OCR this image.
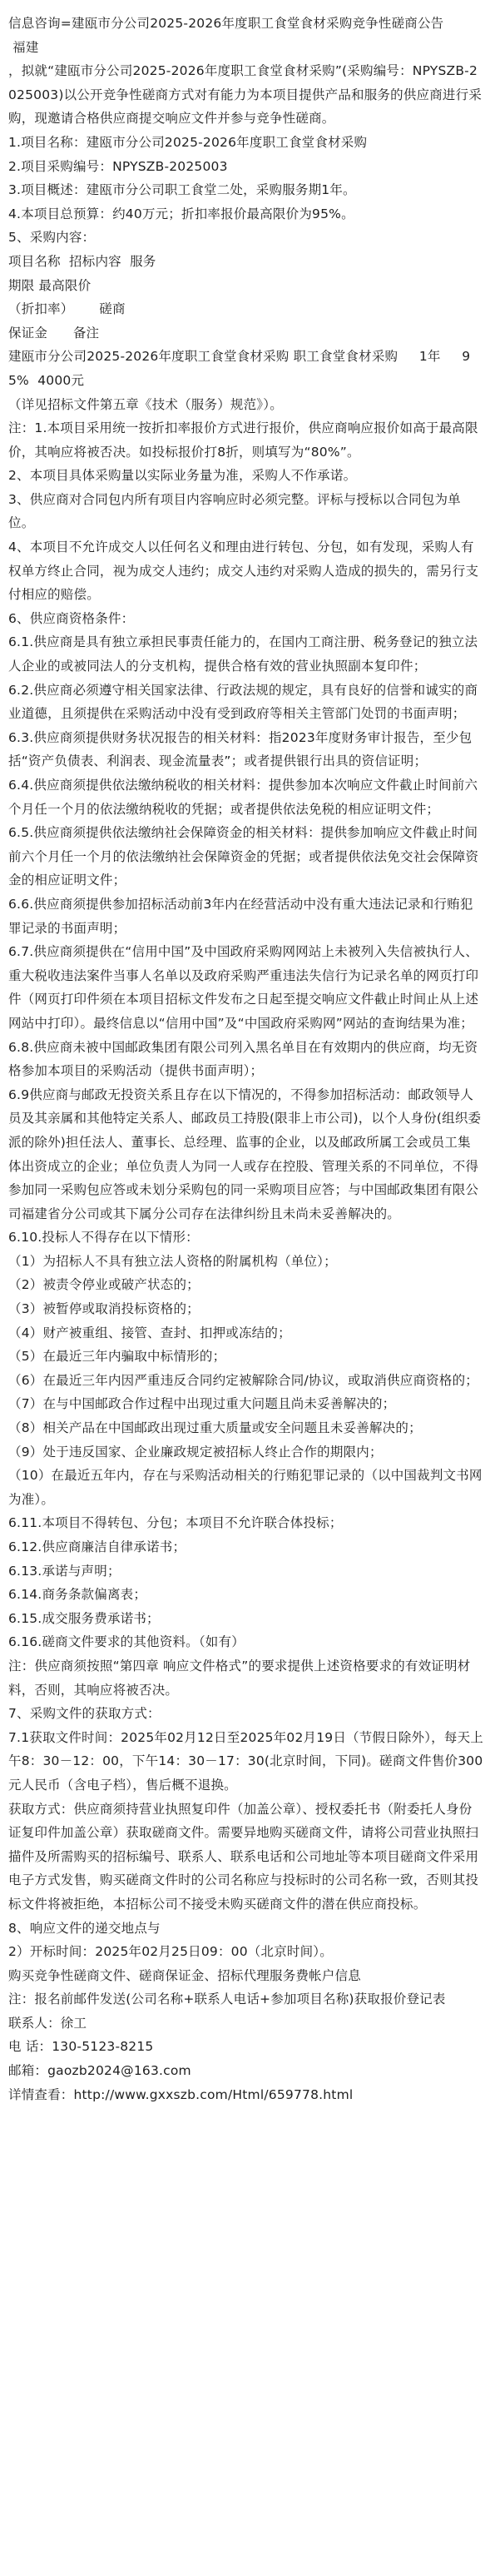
信息咨询=建瓯市分公司2025-2026年度职工食堂食材采购竞争性磋商公告

福建

，拟就“建瓯市分公司2025-2026年度职工食堂食材采购”(采购编号：NPYSZB-2025003)以公开竞争性磋商方式对有能力为本项目提供产品和服务的供应商进行采购，现邀请合格供应商提交响应文件并参与竞争性磋商。

1.项目名称：建瓯市分公司2025-2026年度职工食堂食材采购

2.项目采购编号：NPYSZB-2025003

3.项目概述：建瓯市分公司职工食堂二处，采购服务期1年。

4.本项目总预算：约40万元；折扣率报价最高限价为95%。

5、采购内容：

项目名称  招标内容  服务

期限 最高限价

（折扣率）      磋商

保证金      备注

建瓯市分公司2025-2026年度职工食堂食材采购 职工食堂食材采购     1年     95%  4000元

（详见招标文件第五章《技术（服务）规范》）。

注：1.本项目采用统一按折扣率报价方式进行报价，供应商响应报价如高于最高限价，其响应将被否决。如投标报价打8折，则填写为“80%”。

2、本项目具体采购量以实际业务量为准，采购人不作承诺。

3、供应商对合同包内所有项目内容响应时必须完整。评标与授标以合同包为单位。

4、本项目不允许成交人以任何名义和理由进行转包、分包，如有发现，采购人有权单方终止合同，视为成交人违约；成交人违约对采购人造成的损失的，需另行支付相应的赔偿。

6、供应商资格条件：

6.1.供应商是具有独立承担民事责任能力的，在国内工商注册、税务登记的独立法人企业的或被同法人的分支机构，提供合格有效的营业执照副本复印件；

6.2.供应商必须遵守相关国家法律、行政法规的规定，具有良好的信誉和诚实的商业道德，且须提供在采购活动中没有受到政府等相关主管部门处罚的书面声明；

6.3.供应商须提供财务状况报告的相关材料：指2023年度财务审计报告，至少包括“资产负债表、利润表、现金流量表”；或者提供银行出具的资信证明；

6.4.供应商须提供依法缴纳税收的相关材料：提供参加本次响应文件截止时间前六个月任一个月的依法缴纳税收的凭据；或者提供依法免税的相应证明文件；

6.5.供应商须提供依法缴纳社会保障资金的相关材料：提供参加响应文件截止时间前六个月任一个月的依法缴纳社会保障资金的凭据；或者提供依法免交社会保障资金的相应证明文件；

6.6.供应商须提供参加招标活动前3年内在经营活动中没有重大违法记录和行贿犯罪记录的书面声明；

6.7.供应商须提供在“信用中国”及中国政府采购网网站上未被列入失信被执行人、重大税收违法案件当事人名单以及政府采购严重违法失信行为记录名单的网页打印件（网页打印件须在本项目招标文件发布之日起至提交响应文件截止时间止从上述网站中打印）。最终信息以“信用中国”及“中国政府采购网”网站的查询结果为准；

6.8.供应商未被中国邮政集团有限公司列入黑名单目在有效期内的供应商，均无资格参加本项目的采购活动（提供书面声明）；

6.9供应商与邮政无投资关系且存在以下情况的，不得参加招标活动：邮政领导人员及其亲属和其他特定关系人、邮政员工持股(限非上市公司)，以个人身份(组织委派的除外)担任法人、董事长、总经理、监事的企业，以及邮政所属工会或员工集体出资成立的企业；单位负责人为同一人或存在控股、管理关系的不同单位，不得参加同一采购包应答或未划分采购包的同一采购项目应答；与中国邮政集团有限公司福建省分公司或其下属分公司存在法律纠纷且未尚未妥善解决的。

6.10.投标人不得存在以下情形：

（1）为招标人不具有独立法人资格的附属机构（单位）；

（2）被责令停业或破产状态的；

（3）被暂停或取消投标资格的；

（4）财产被重组、接管、查封、扣押或冻结的；

（5）在最近三年内骗取中标情形的；

（6）在最近三年内因严重违反合同约定被解除合同/协议，或取消供应商资格的；

（7）在与中国邮政合作过程中出现过重大问题且尚未妥善解决的；

（8）相关产品在中国邮政出现过重大质量或安全问题且未妥善解决的；

（9）处于违反国家、企业廉政规定被招标人终止合作的期限内；

（10）在最近五年内，存在与采购活动相关的行贿犯罪记录的（以中国裁判文书网为准）。

6.11.本项目不得转包、分包；本项目不允许联合体投标；

6.12.供应商廉洁自律承诺书；

6.13.承诺与声明；

6.14.商务条款偏离表；

6.15.成交服务费承诺书；

6.16.磋商文件要求的其他资料。（如有）

注：供应商须按照“第四章 响应文件格式”的要求提供上述资格要求的有效证明材料，否则，其响应将被否决。

7、采购文件的获取方式：

7.1获取文件时间：2025年02月12日至2025年02月19日（节假日除外），每天上午8：30－12：00，下午14：30－17：30(北京时间，下同)。磋商文件售价300元人民币（含电子档），售后概不退换。

获取方式：供应商须持营业执照复印件（加盖公章）、授权委托书（附委托人身份证复印件加盖公章）获取磋商文件。需要异地购买磋商文件，请将公司营业执照扫描件及所需购买的招标编号、联系人、联系电话和公司地址等本项目磋商文件采用电子方式发售，购买磋商文件时的公司名称应与投标时的公司名称一致，否则其投标文件将被拒绝，本招标公司不接受未购买磋商文件的潜在供应商投标。

8、响应文件的递交地点与

2）开标时间：2025年02月25日09：00（北京时间）。

购买竞争性磋商文件、磋商保证金、招标代理服务费帐户信息

注：报名前邮件发送(公司名称+联系人电话+参加项目名称)获取报价登记表

联系人：徐工

电 话：130-5123-8215

邮箱：gaozb2024@163.com

详情查看：http://www.gxxszb.com/Html/659778.html
